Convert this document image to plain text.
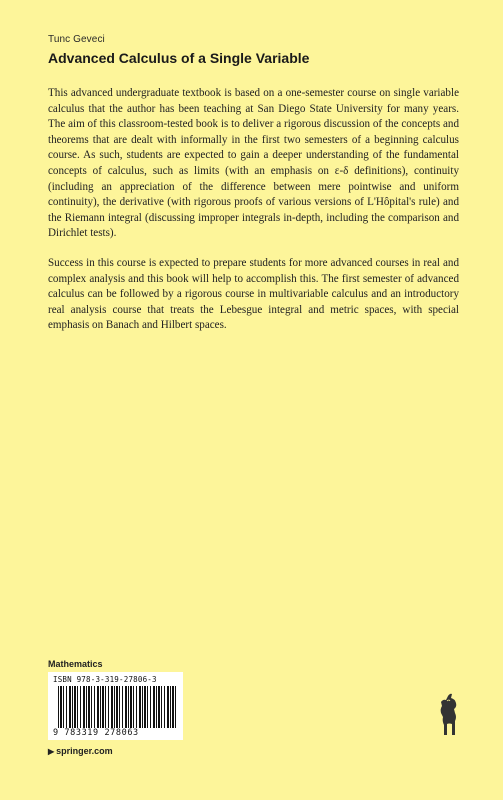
Tunc Geveci
Advanced Calculus of a Single Variable

This advanced undergraduate textbook is based on a one-semester course on single variable calculus that the author has been teaching at San Diego State University for many years. The aim of this classroom-tested book is to deliver a rigorous discussion of the concepts and theorems that are dealt with informally in the first two semesters of a beginning calculus course. As such, students are expected to gain a deeper understanding of the fundamental concepts of calculus, such as limits (with an emphasis on ε-δ definitions), continuity (including an appreciation of the difference between mere pointwise and uniform continuity), the derivative (with rigorous proofs of various versions of L'Hôpital's rule) and the Riemann integral (discussing improper integrals in-depth, including the comparison and Dirichlet tests).

Success in this course is expected to prepare students for more advanced courses in real and complex analysis and this book will help to accomplish this. The first semester of advanced calculus can be followed by a rigorous course in multivariable calculus and an introductory real analysis course that treats the Lebesgue integral and metric spaces, with special emphasis on Banach and Hilbert spaces.

Mathematics
ISBN 978-3-319-27806-3
9 783319 278063
▶ springer.com
